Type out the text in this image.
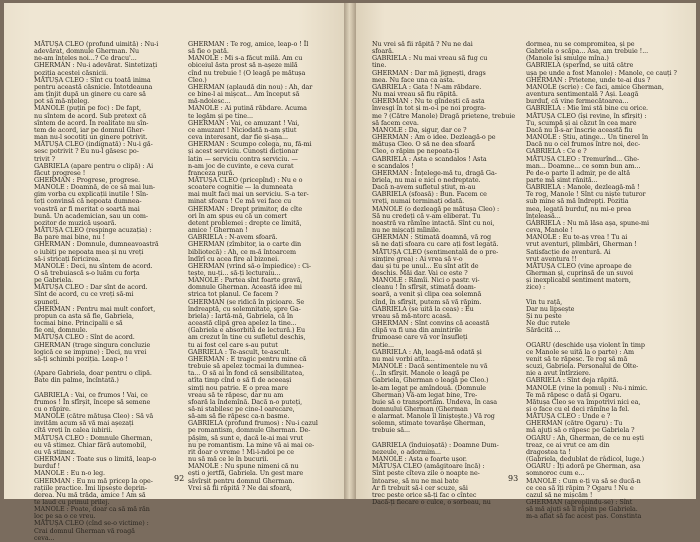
MĂTUȘA CLEO (profund uimită) : Nu-i
adevărat, domnule Gherman. Nu
ne-am înțeles noi...? Ce dracu'...
GHERMAN : Nu-i adevărat. Sintetizați
poziția acestei căsnicii.
MĂTUȘA CLEO : Sînt cu toată inima
pentru această căsnicie. Întotdeauna
am țînjit după un ginere cu care să
pot să mă-nțeleg.
MANOLE (puțin pe foc) : De fapt,
nu sîntem de acord. Sub pretext că
sîntem de acord. În realitate nu sîn-
tem de acord, iar pe domnul Gher-
man nu-l socotiți un ginere potrivit.
MĂTUȘA CLEO (indignată) : Nu-i gă-
sesc potrivit ? Eu nu-l găsesc po-
trivit ?
GABRIELA (apare pentru o clipă) : Ai
făcut progrese !
GHERMAN : Progrese, progrese.
MANOLE : Doamnă, de ce să mai lun-
gim vorba cu explicații inutile ! Sîn-
teți convinsă că nepoata dumnea-
voastră ar fi meritat o soartă mai
bună. Un academician, sau un com-
pozitor de muzică ușoară.
MĂTUȘA CLEO (respinge acuzația) :
Ba pare mai bine, nu !
GHERMAN : Domnule, dumneavoastră
o iubiți pe nepoata mea și nu vreți
să-i stricați fericirea.
MANOLE : Deci, nu sîntem de acord.
O să trebuiască s-o luăm cu forța
pe Gabriela.
MĂTUȘA CLEO : Dar sînt de acord.
Sînt de acord, cu ce vreți să-mi
spuneți.
GHERMAN : Pentru mai mult confort,
propun ca asta să fie, Gabriela,
tocmai bine. Principalii e să
fie oni, domnule.
MĂTUȘA CLEO : Sînt de acord.
GHERMAN (trage singura concluzie
logică ce se impune) : Deci, nu vrei
să-ți schimbi poziția. Leap-o !

(Apare Gabriela, doar pentru o clipă.
Bate din palme, încîntată.)

GABRIELA : Vai, ce frumos ! Vai, ce
frumos ! În sfîrșit, începe să semene
cu o răpire.
MANOLE (către mătușa Cleo) : Să vă
invităm acum să vă mai așezați
cîtă vreți în calea iubirii.
MĂTUȘA CLEO : Domnule Gherman,
eu vă stimez. Chiar fără automobil,
eu vă stimez.
GHERMAN : Toate sus o limită, leap-o
burduf !
MANOLE : Eu n-o leg.
GHERMAN : Eu nu mă pricep la ope-
rațiile practice. Îmi lipsește deprin-
derea. Nu mă trăda, amice ! Am să
te laud cu primul prilej.
MANOLE : Poate, doar ca să mă răn
loc pe sa o ce vreu.
MĂTUȘA CLEO (cînd se-o victime) :
Crai domnul Gherman vă roagă
ceva...
GHERMAN : Te rog, amice, leap-o ! Îl
să fie o pată.
MANOLE : Mi s-a făcut milă. Am cu
obiceiul ăsta prost să n-așeze milă
cînd nu trebuie ! (O leagă pe mătușa
Cleo.)
GHERMAN (aplaudă din nou) : Ah, dar
ce bine-l ai mișcat... Am început să
mă-ndoiesc...
MANOLE : Ai putină răbdare. Acuma
te legăm și pe tine...
GHERMAN : Vai, ce amuzant ! Vai,
ce amuzant ! Niciodată n-am știut
ceva interesant, dar fie și-așa...
GHERMAN : Scumpo colega, nu, fă-mi
și acest serviciu. Cunoști dicționar
latin — serviciu contra serviciu. —
n-am joc de cuvinte, e ceva curat
franceza pură.
MĂTUȘA CLEO (pricepînd) : Nu e o
scoatere cognitie — la dumneata
mai mult faci mai un serviciu. S-a ter-
minat sfoara ! Ce mă vei face cu
GHERMAN : Drept primitor, de cîte
ori în am spus eu că un comert
detent problemei : drepte ce limită,
amice ! Gherman !
GABRIELA : N-avem sfoară.
GHERMAN (zîmbitor, ia o carte din
bibliotecă) : Ah, ce m-ă întoarcem
îndîrî cu acea fire al bizonei.
GHERMAN (vrind să-o împiedice) : Ci-
tește, nu-ți... să-ți lecturaiu...
MANOLE : Partea sînt foarte gravă,
domnule Gherman. Această idee mi
strica tot planul. Ce facem ?
GHERMAN (se ridică în picioare. Se
îndreaptă, cu solemnitate, spre Ga-
briela) : Iartă-mă, Gabriela, că în
această clipă grea apelez la tine...
(Gabriela e absorbită de lectură.) Eu
am crezut în tine cu sufletul deschis,
tu ai fost cel care s-au putut
GABRIELA : Te-ascult, te-ascult.
GHERMAN : E tragic pentru mine că
trebuie să apelez tocmai la dumnea-
ta... O să ai în fond că sensibilitatea,
atîta timp cînd o să fi de aceeași
simți nou patrie. E o prea mare
vreau să te răpesc, dar nu am
sfoară la îndemînă. Dacă n-o puteți,
să-ni stabilesc pe cine-l oarecare,
să-am să fie răpesc ca-n basme.
GABRIELA (profund frumos) : Nu-i cazul
pe romantism, domnule Gherman. De-
pășim, să sunt e, dacă le-ai mai vrut
nu pe romantism. La mine vă ai mai ce-
rit doar o vreme ! Mi-i-ndoi pe ce
nu să mă ce le în bucurii.
MANOLE : Nu spune nimeni că nu
ești o jertfă, Gabriela. Un gest mare
săvîrșit pentru domnul Gherman.
Vrei să fii răpită ? Ne dai sfoară,
92
Nu vrei să fii răpită ? Nu ne dai
sfoară.
GABRIELA : Nu mai vreau să fug cu
tine.
GHERMAN : Dar mă jignești, drags
mea. Nu face una ca asta.
GABRIELA : Gata ! N-am răbdare.
Nu mai vreau să fiu răpită.
GHERMAN : Nu te gîndești că asta
învesgi în tot și m-o-i pe noi progra-
me ? (Către Manole) Dragă prietene, trebuie
să facem ceva.
MANOLE : Da, sigur, dar ce ?
GHERMAN : Am o idee. Dezleagă-o pe
mătușa Cleo. O să ne dea sfoară
Cleo, o răpim pe nepoata-ți
GABRIELA : Asta e scandalos ! Asta
e scandalos !
GHERMAN : Înțelege-mă tu, dragă Ga-
briela, nu mai e nici o nedreptate.
Dacă n-avem sufletul știut, m-au
GABRIELA (sfoasă) : Bun. Facem ce
vreți, numai terminați odată.
MANOLE (o dezleagă pe mătușa Cleo) :
Să nu credeți că v-am eliberat. Tu
noastră va rămîne intactă. Sînt cu noi,
nu ne mișcați mîinile.
GHERMAN : Stimată doamnă, vă rog
să ne dați sfoara cu care ați fost legată.
MĂTUȘA CLEO (sentimentală de o pre-
simțire grea) : Ai vrea să v-o
dau și tu pe unul... Eu sînt atît de
deschis. Măi dar. Vai ce este ?
MANOLE : Rămîi. Nici o pastr. vi-
cleanu ! În sfîrșit, stimată doam-
soară, a venit și clipa cea solemnă
cînd, în sfîrșit, putem să vă răpim.
GABRIELA (se uită la ceas) : Eu
vreau să mă-ntorc acasă.
GHERMAN : Sînt convins că această
clipă va fi una din amintirile
frumoase care vă vor însufleți
netie...
GABRIELA : Ah, leagă-mă odată și
nu mai vorbi atîta...
MANOLE : Dacă sentimentele nu vă
(...în sfîrșit. Manole o leagă pe
Gabriela, Gherman o leagă pe Cleo.)
le-am legat pe amîndouă. (Domnule
Gherman) Vă-am legat bine, Tre-
buie să o transportăm. Undeva, în casa
domnului Gherman (Gherman
e alarmat. Manole îl liniștește.) Vă rog
solemn, stimate tovarășe Gherman,
trebuie să...

GABRIELA (înduioșată) : Doamne Dum-
nezeule, o adormim...
MANOLE : Asta e foarte ușor.
MĂTUȘA CLEO (amăgitoare încă) :
Sînt peste cîteva zile o noapte ne-
întoarse, să nu ne mai bate
Ar fi trebuit să-i cer scuze, săi
trec peste orice să-ți fac o cîntec
Dacă-ți fiecare o culce, o sorbeau, nu
dormea, nu se compromitea, și pe
Gabriela o scăpa... Asa, am trebuie !...
(Manole își smulge mîna.)
GABRIELA (sperînd, se uită către
ușa pe unde a fost Manole) : Manole, ce cauți ?
GHERMAN : Prietene, unde te-ai dus ?
MANOLE (scrie) : Ce faci, amice Gherman,
aventura sentimentală ? Ași. Leagă
burduf, că vine fermecătoarea...
GABRIELA : Mie îmi stă bine cu orice.
MĂTUȘA CLEO (își revine, în sfîrșit) :
Tu, scumpă și ai căzut în cea mare
Dacă nu îl-s-ar înscrie această fiu
MANOLE : Știu, atinge... Un tinerel în
Dacă nu o cel frumos între noi, dec-
GABRIELA : Ce e ?
MĂTUȘA CLEO : Tremurînd... Ghe-
man... Doamne... ce somn bun am...
Pe de-o parte îl admir, pe de altă
parte mă simt rănită...
GABRIELA : Manole, dezleagă-mă !
Te rog, Manole ! Sînt cu niște tuturor
sub mine să mă îndrepți. Pozitia
mea, legată burduf, nu mi-e prea
înțeleasă...
GABRIELA : Nu mă lăsa așa, spune-mi
ceva, Manole !
MANOLE : Eu te-aș vrea ! Tu ai
vrut aventuri, plimbări, Gherman !
Satisfacție de aventură. Ai
vrut aventura !!
MĂTUȘA CLEO (vine aproape de
Gherman și, cuprinsă de un suvoi
și inexplicabil sentiment matern,
zice) :

Vin tu rață,
Dar nu lipsește
Și nu peste
Ne duc rutele
Sărăcită ...

OGARU (deschide ușa violent în timp
ce Manole se uită la o parte) : Am
venit să te răpesc. Te rog să mă
scuzi, Gabriela. Personalul de Olte-
nie a avut întîrziere.
GABRIELA : Sînt deja răpită.
MANOLE (vine la pomul) : Nu-i nimic.
Te mă răpesc o dată și Ogaru.
Mătușa Cleo se va împotrivi nici ea,
și o face cu el deci rămîne la fel.
MĂTUȘA CLEO : Unde e ?
GHERMAN (către Ogaru) : Tu
mă ajuți să o răpesc pe Gabriela ?
OGARU : Ah, Gherman, de ce nu ești
treaz, ce ai vrut ce am din
dragostea ta !
(Gabriela, dedublat de râdicol, luge.)
OGARU : Îți adoră pe Gherman, asa
somnoroc cum e...
MANOLE : Cum e-ți va să se ducă-n
ce cea să îți răpim ? Ogaru ! Nu e
cazul să ne mișcăm !
GHERMAN (apropiindu-se) : Sînt
să mă ajuți să îl răpim pe Gabriela.
m-a afiat să fac acest pas. Constinta
93
